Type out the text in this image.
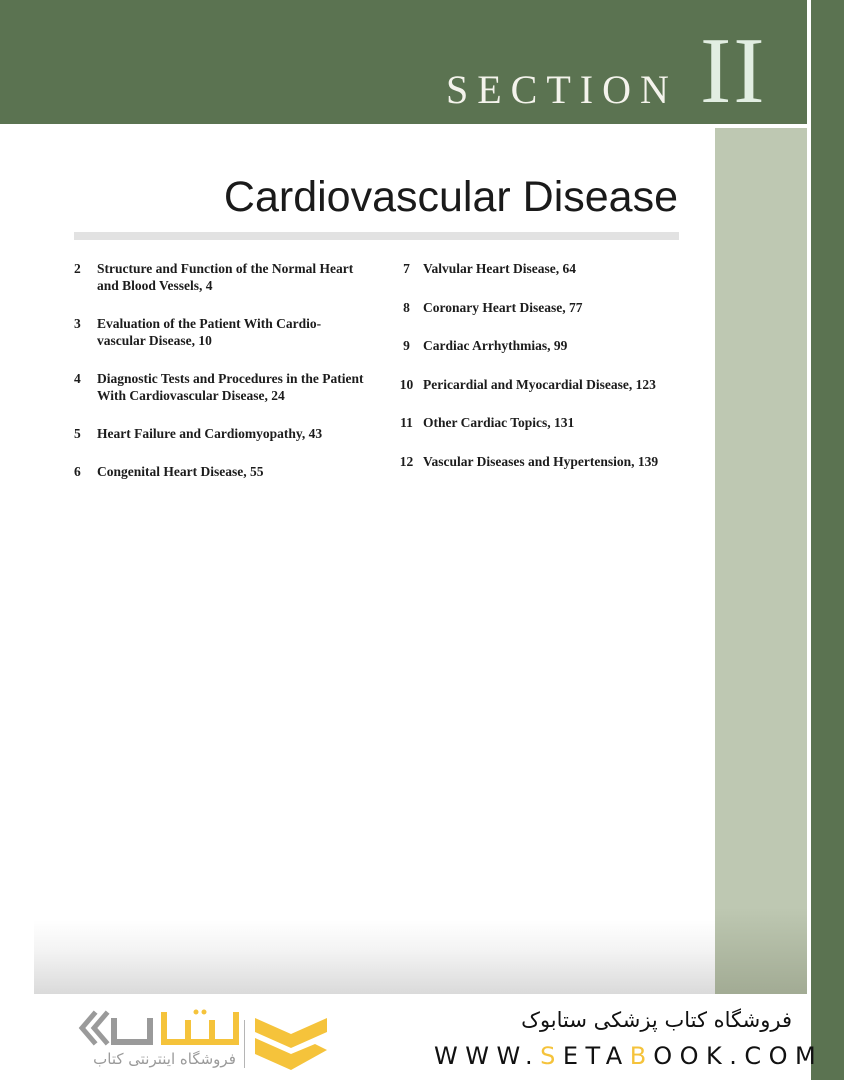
SECTION II
Cardiovascular Disease
2	Structure and Function of the Normal Heart and Blood Vessels, 4
3	Evaluation of the Patient With Cardio-vascular Disease, 10
4	Diagnostic Tests and Procedures in the Patient With Cardiovascular Disease, 24
5	Heart Failure and Cardiomyopathy, 43
6	Congenital Heart Disease, 55
7 Valvular Heart Disease, 64
8 Coronary Heart Disease, 77
9 Cardiac Arrhythmias, 99
10 Pericardial and Myocardial Disease, 123
11 Other Cardiac Topics, 131
12 Vascular Diseases and Hypertension, 139
فروشگاه اینترنتی کتاب
فروشگاه کتاب پزشکی ستابوک
WWW.SETABOOK.COM
